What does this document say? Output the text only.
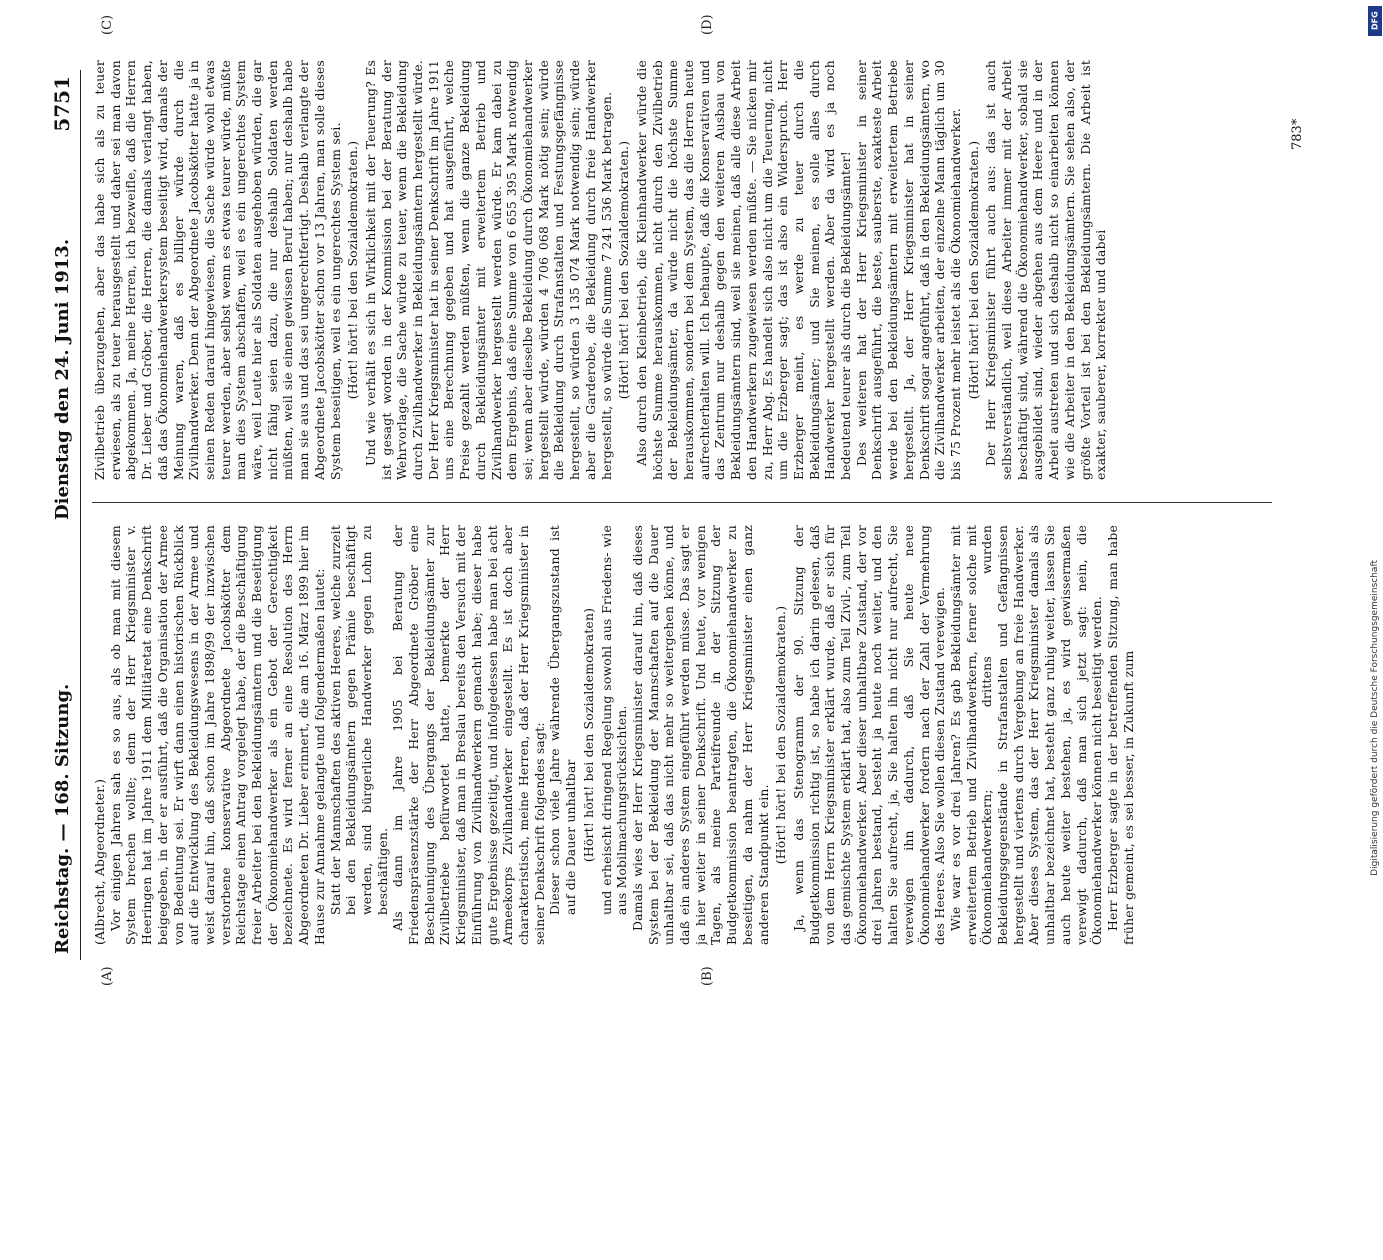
Reichstag. — 168. Sitzung.
Dienstag den 24. Juni 1913.
5751
(A)	(B)
(C)	(D)

(Albrecht, Abgeordneter.) Vor einigen Jahren sah es so aus, als ob man mit diesem System brechen wollte; denn der Herr Kriegsminister v. Heeringen hat im Jahre 1911 dem Militäretat eine Denkschrift beigegeben, in der er ausführt, daß die Organisation der Armee von Bedeutung sei. Er wirft dann einen historischen Rückblick auf die Entwicklung des Bekleidungswesens in der Armee und weist darauf hin, daß schon im Jahre 1898/99 der inzwischen verstorbene konservative Abgeordnete Jacobskötter dem Reichstage einen Antrag vorgelegt habe, der die Beschäftigung freier Arbeiter bei den Bekleidungsämtern und die Beseitigung der Ökonomiehandwerker als ein Gebot der Gerechtigkeit bezeichnete. Es wird ferner an eine Resolution des Herrn Abgeordneten Dr. Lieber erinnert, die am 16. März 1899 hier im Hause zur Annahme gelangte und folgendermaßen lautet: Statt der Mannschaften des aktiven Heeres, welche zurzeit bei den Bekleidungsämtern gegen Prämie beschäftigt werden, sind bürgerliche Handwerker gegen Lohn zu beschäftigen. Als dann im Jahre 1905 bei Beratung der Friedenspräsenzstärke der Herr Abgeordnete Gröber eine Beschleunigung des Übergangs der Bekleidungsämter zur Zivilbetriebe befürwortet hatte, bemerkte der Herr Kriegsminister, daß man in Breslau bereits den Versuch mit der Einführung von Zivilhandwerkern gemacht habe; dieser habe gute Ergebnisse gezeitigt, und infolgedessen habe man bei acht Armeekorps Zivilhandwerker eingestellt. Es ist doch aber charakteristisch, meine Herren, daß der Herr Kriegsminister in seiner Denkschrift folgendes sagt: Dieser schon viele Jahre währende Übergangszustand ist auf die Dauer unhaltbar (Hört! hört! bei den Sozialdemokraten) und erheischt dringend Regelung sowohl aus Friedens- wie aus Mobilmachungsrücksichten. Damals wies der Herr Kriegsminister darauf hin, daß dieses System bei der Bekleidung der Mannschaften auf die Dauer unhaltbar sei, daß das nicht mehr so weitergehen könne, und daß ein anderes System eingeführt werden müsse. Das sagt er ja hier weiter in seiner Denkschrift. Und heute, vor wenigen Tagen, als meine Parteifreunde in der Sitzung der Budgetkommission beantragten, die Ökonomiehandwerker zu beseitigen, da nahm der Herr Kriegsminister einen ganz anderen Standpunkt ein.

(Hört! hört! bei den Sozialdemokraten.) Ja, wenn das Stenogramm der 90. Sitzung der Budgetkommission richtig ist, so habe ich darin gelesen, daß von dem Herrn Kriegsminister erklärt wurde, daß er sich für das gemischte System erklärt hat, also zum Teil Zivil-, zum Teil Ökonomiehandwerker. Aber dieser unhaltbare Zustand, der vor drei Jahren bestand, besteht ja heute noch weiter, und den halten Sie aufrecht, ja, Sie halten ihn nicht nur aufrecht, Sie verewigen ihn dadurch, daß Sie heute neue Ökonomiehandwerker fordern nach der Zahl der Vermehrung des Heeres. Also Sie wollen diesen Zustand verewigen. Wie war es vor drei Jahren? Es gab Bekleidungsämter mit erweitertem Betrieb und Zivilhandwerkern, ferner solche mit Ökonomiehandwerkern; drittens wurden Bekleidungsgegenstände in Strafanstalten und Gefängnissen hergestellt und viertens durch Vergebung an freie Handwerker. Aber dieses System, das der Herr Kriegsminister damals als unhaltbar bezeichnet hat, besteht ganz ruhig weiter, lassen Sie auch heute weiter bestehen, ja, es wird gewissermaßen verewigt dadurch, daß man sich jetzt sagt: nein, die Ökonomiehandwerker können nicht beseitigt werden. Herr Erzberger sagte in der betreffenden Sitzung, man habe früher gemeint, es sei besser, in Zukunft zum

Zivilbetrieb überzugehen, aber das habe sich als zu teuer erwiesen, als zu teuer herausgestellt und daher sei man davon abgekommen. Ja, meine Herren, ich bezweifle, daß die Herren Dr. Lieber und Gröber, die Herren, die damals verlangt haben, daß das Ökonomiehandwerkersystem beseitigt wird, damals der Meinung waren, daß es billiger würde durch die Zivilhandwerker. Denn der Abgeordnete Jacobskötter hatte ja in seinen Reden darauf hingewiesen, die Sache würde wohl etwas teurer werden, aber selbst wenn es etwas teurer würde, müßte man dies System abschaffen, weil es ein ungerechtes System wäre, weil Leute hier als Soldaten ausgehoben würden, die gar nicht fähig seien dazu, die nur deshalb Soldaten werden müßten, weil sie einen gewissen Beruf haben; nur deshalb habe man sie aus und das sei ungerechtfertigt. Deshalb verlangte der Abgeordnete Jacobskötter schon vor 13 Jahren, man solle dieses System beseitigen, weil es ein ungerechtes System sei. (Hört! hört! bei den Sozialdemokraten.) Und wie verhält es sich in Wirklichkeit mit der Teuerung? Es ist gesagt worden in der Kommission bei der Beratung der Wehrvorlage, die Sache würde zu teuer, wenn die Bekleidung durch Zivilhandwerker in Bekleidungsämtern hergestellt würde. Der Herr Kriegsminister hat in seiner Denkschrift im Jahre 1911 uns eine Berechnung gegeben und hat ausgeführt, welche Preise gezahlt werden müßten, wenn die ganze Bekleidung durch Bekleidungsämter mit erweitertem Betrieb und Zivilhandwerker hergestellt werden würde. Er kam dabei zu dem Ergebnis, daß eine Summe von 6 655 395 Mark notwendig sei; wenn aber dieselbe Bekleidung durch Ökonomiehandwerker hergestellt würde, würden 4 706 068 Mark nötig sein; würde die Bekleidung durch Strafanstalten und Festungsgefängnisse hergestellt, so würden 3 135 074 Mark notwendig sein; würde aber die Garderobe, die Bekleidung durch freie Handwerker hergestellt, so würde die Summe 7 241 536 Mark betragen. (Hört! hört! bei den Sozialdemokraten.) Also durch den Kleinbetrieb, die Kleinhandwerker würde die höchste Summe herauskommen, nicht durch den Zivilbetrieb der Bekleidungsämter, da würde nicht die höchste Summe herauskommen, sondern bei dem System, das die Herren heute aufrechterhalten will. Ich behaupte, daß die Konservativen und das Zentrum nur deshalb gegen den weiteren Ausbau von Bekleidungsämtern sind, weil sie meinen, daß alle diese Arbeit den Handwerkern zugewiesen werden müßte. — Sie nicken mir zu, Herr Abg. Es handelt sich also nicht um die Teuerung, nicht um die Erzberger sagt; das ist also ein Widerspruch. Herr Erzberger meint, es werde zu teuer durch die Bekleidungsämter; und Sie meinen, es solle alles durch Handwerker hergestellt werden. Aber da wird es ja noch bedeutend teurer als durch die Bekleidungsämter! Des weiteren hat der Herr Kriegsminister in seiner Denkschrift ausgeführt, die beste, sauberste, exakteste Arbeit werde bei den Bekleidungsämtern mit erweitertem Betriebe hergestellt. Ja, der Herr Kriegsminister hat in seiner Denkschrift sogar angeführt, daß in den Bekleidungsämtern, wo die Zivilhandwerker arbeiten, der einzelne Mann täglich um 30 bis 75 Prozent mehr leistet als die Ökonomiehandwerker. (Hört! hört! bei den Sozialdemokraten.) Der Herr Kriegsminister führt auch aus: das ist auch selbstverständlich, weil diese Arbeiter immer mit der Arbeit beschäftigt sind, während die Ökonomiehandwerker, sobald sie ausgebildet sind, wieder abgehen aus dem Heere und in der Arbeit austreten und sich deshalb nicht so einarbeiten können wie die Arbeiter in den Bekleidungsämtern. Sie sehen also, der größte Vorteil ist bei den Bekleidungsämtern. Die Arbeit ist exakter, sauberer, korrekter und dabei

783*
DFG
Digitalisierung gefördert durch die Deutsche Forschungsgemeinschaft
